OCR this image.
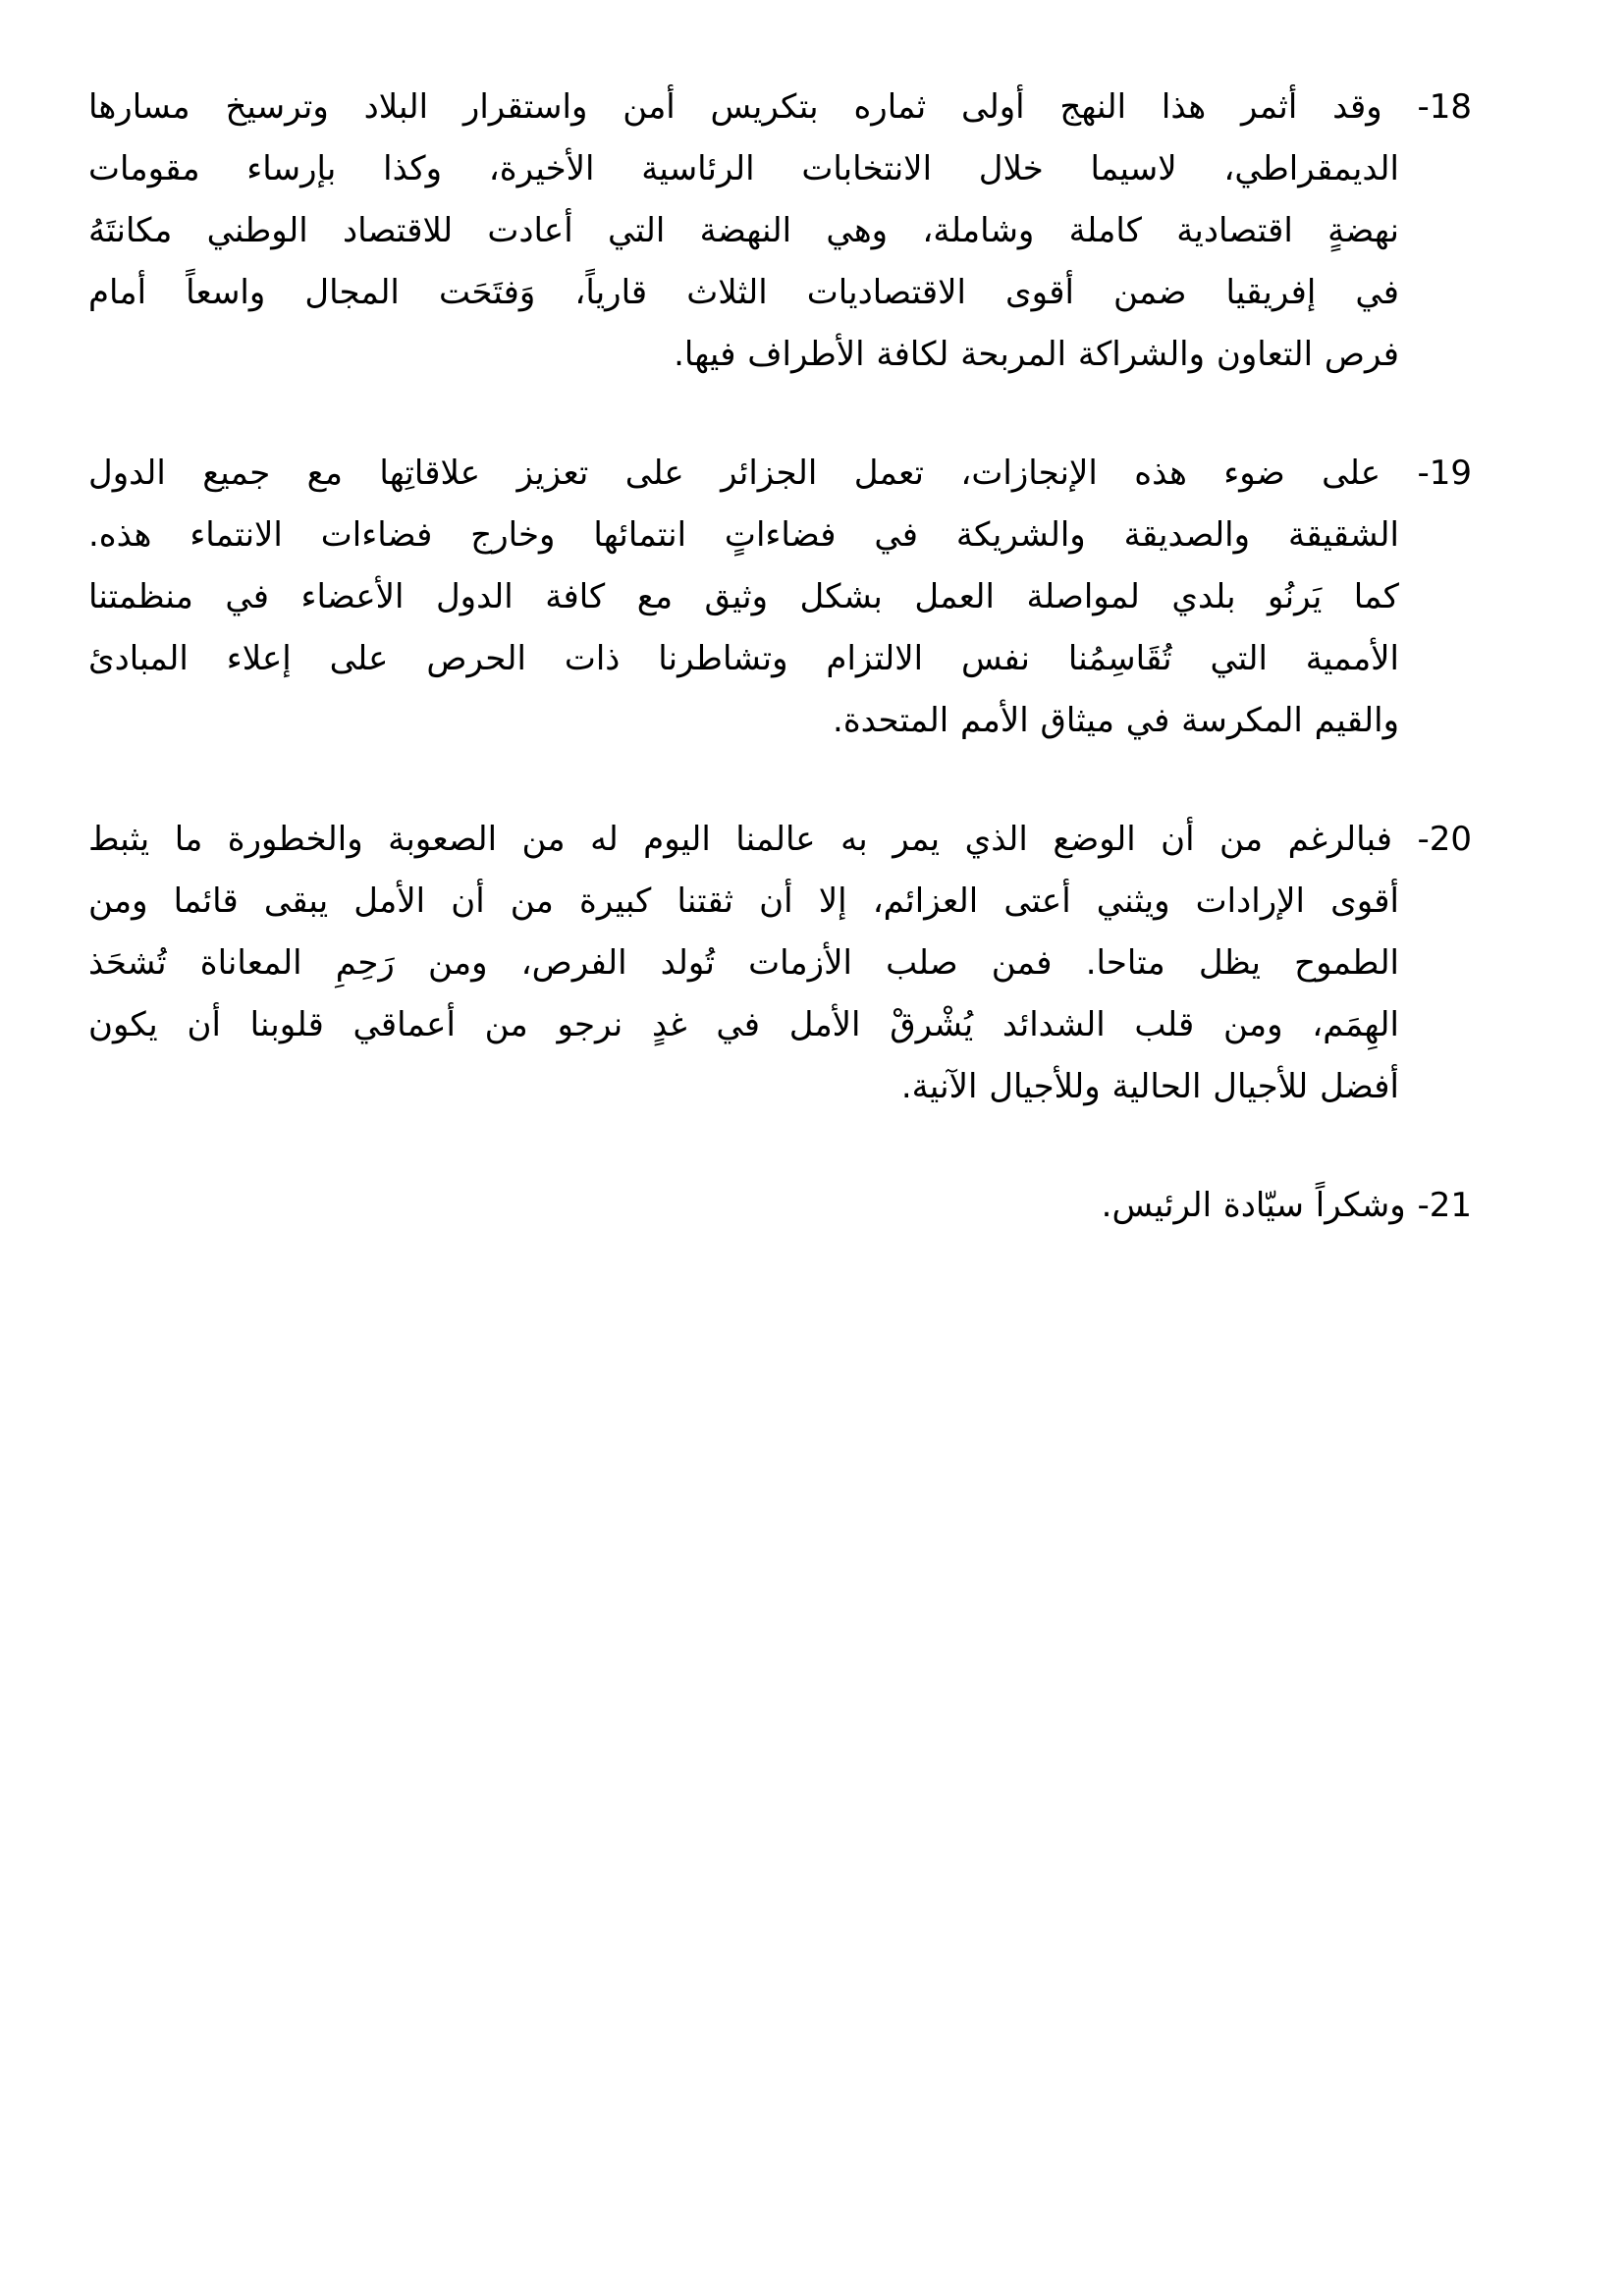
18- وقد أثمر هذا النهج أولى ثماره بتكريس أمن واستقرار البلاد وترسيخ مسارها
الديمقراطي، لاسيما خلال الانتخابات الرئاسية الأخيرة، وكذا بإرساء مقومات
نهضةٍ اقتصادية كاملة وشاملة، وهي النهضة التي أعادت للاقتصاد الوطني مكانتَهُ
في إفريقيا ضمن أقوى الاقتصاديات الثلاث قارياً، وَفتَحَت المجال واسعاً أمام
فرص التعاون والشراكة المربحة لكافة الأطراف فيها.
19- على ضوء هذه الإنجازات، تعمل الجزائر على تعزيز علاقاتِها مع جميع الدول
الشقيقة والصديقة والشريكة في فضاءاتٍ انتمائها وخارج فضاءات الانتماء هذه.
كما يَرنُو بلدي لمواصلة العمل بشكل وثيق مع كافة الدول الأعضاء في منظمتنا
الأممية التي تُقَاسِمُنا نفس الالتزام وتشاطرنا ذات الحرص على إعلاء المبادئ
والقيم المكرسة في ميثاق الأمم المتحدة.
20- فبالرغم من أن الوضع الذي يمر به عالمنا اليوم له من الصعوبة والخطورة ما يثبط
أقوى الإرادات ويثني أعتى العزائم، إلا أن ثقتنا كبيرة من أن الأمل يبقى قائما ومن
الطموح يظل متاحا. فمن صلب الأزمات تُولد الفرص، ومن رَحِمِ المعاناة تُشحَذ
الهِمَم، ومن قلب الشدائد يُشْرقْ الأمل في غدٍ نرجو من أعماقي قلوبنا أن يكون
أفضل للأجيال الحالية وللأجيال الآنية.
21- وشكراً سيّادة الرئيس.
